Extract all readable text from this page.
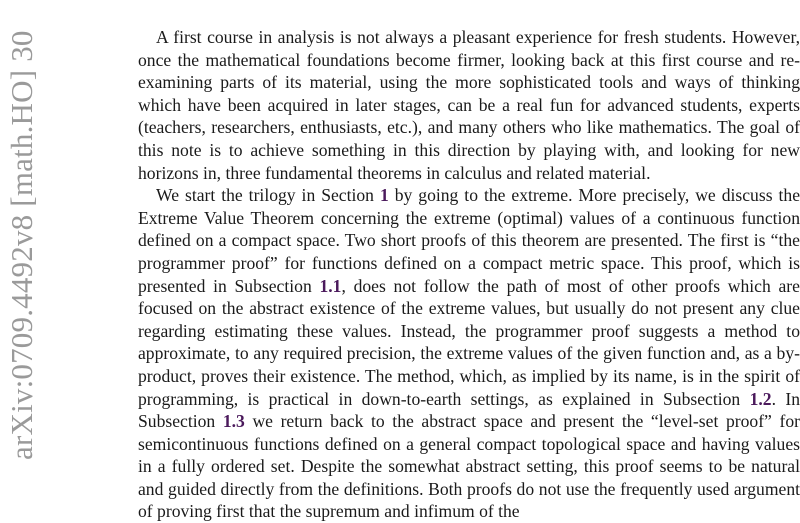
arXiv:0709.4492v8 [math.HO] 30	A first course in analysis is not always a pleasant experience for fresh students. However, once the mathematical foundations become firmer, looking back at this first course and re-examining parts of its material, using the more sophisticated tools and ways of thinking which have been acquired in later stages, can be a real fun for advanced students, experts (teachers, researchers, enthusiasts, etc.), and many others who like mathematics. The goal of this note is to achieve something in this direction by playing with, and looking for new horizons in, three fundamental theorems in calculus and related material.

We start the trilogy in Section 1 by going to the extreme. More precisely, we discuss the Extreme Value Theorem concerning the extreme (optimal) values of a continuous function defined on a compact space. Two short proofs of this theorem are presented. The first is “the programmer proof” for functions defined on a compact metric space. This proof, which is presented in Subsection 1.1, does not follow the path of most of other proofs which are focused on the abstract existence of the extreme values, but usually do not present any clue regarding estimating these values. Instead, the programmer proof suggests a method to approximate, to any required precision, the extreme values of the given function and, as a by-product, proves their existence. The method, which, as implied by its name, is in the spirit of programming, is practical in down-to-earth settings, as explained in Subsection 1.2. In Subsection 1.3 we return back to the abstract space and present the “level-set proof” for semicontinuous functions defined on a general compact topological space and having values in a fully ordered set. Despite the somewhat abstract setting, this proof seems to be natural and guided directly from the definitions. Both proofs do not use the frequently used argument of proving first that the supremum and infimum of the
